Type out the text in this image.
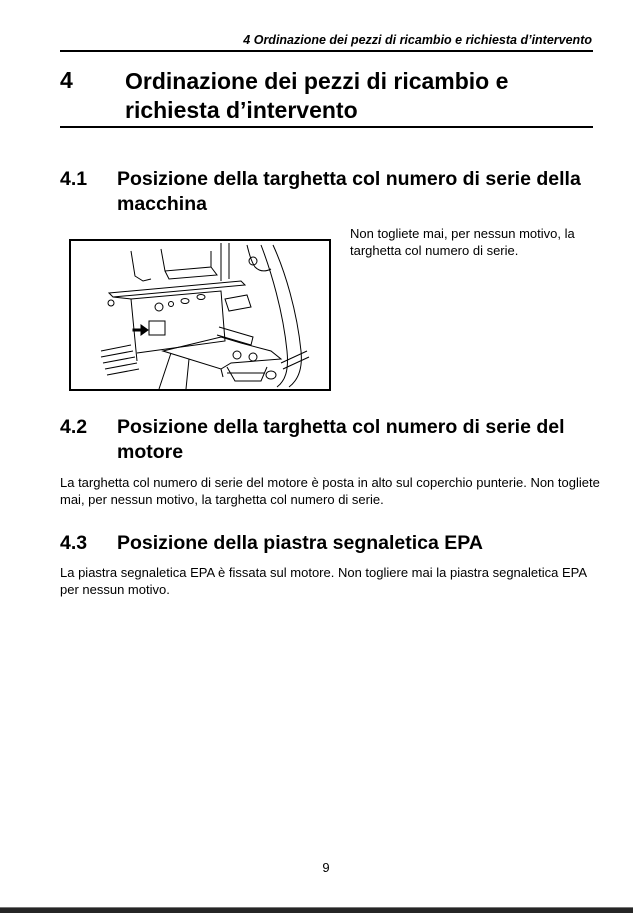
4 Ordinazione dei pezzi di ricambio e richiesta d’intervento
4 Ordinazione dei pezzi di ricambio e richiesta d’intervento
4.1 Posizione della targhetta col numero di serie della macchina
Non togliete mai, per nessun motivo, la targhetta col numero di serie.
4.2 Posizione della targhetta col numero di serie del motore
La targhetta col numero di serie del motore è posta in alto sul coperchio punterie. Non togliete mai, per nessun motivo, la targhetta col numero di serie.
4.3 Posizione della piastra segnaletica EPA
La piastra segnaletica EPA è fissata sul motore. Non togliere mai la piastra segnaletica EPA per nessun motivo.
9
